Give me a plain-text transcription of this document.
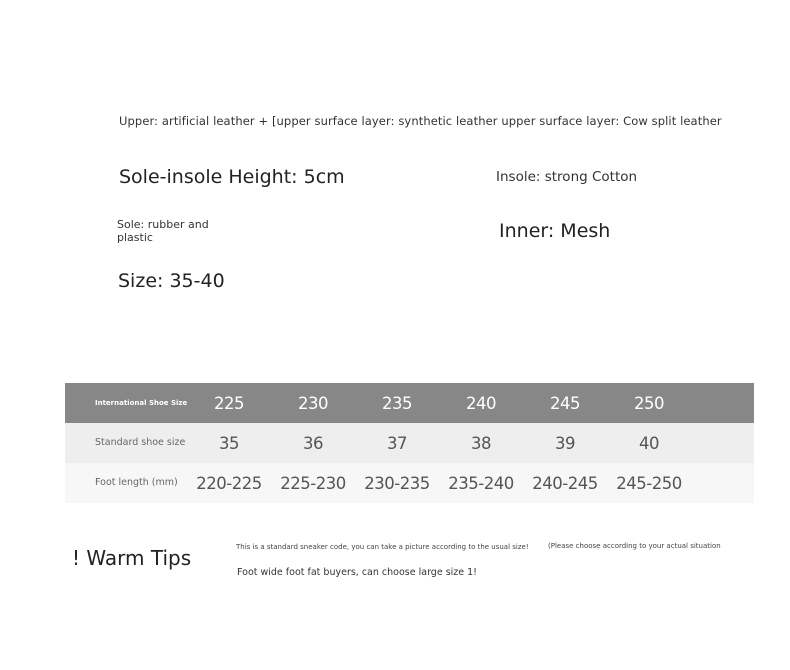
Upper: artificial leather + [upper surface layer: synthetic leather upper surface layer: Cow split leather
Sole-insole Height: 5cm	Insole: strong Cotton
Sole: rubber and plastic	Inner: Mesh
Size: 35-40
International Shoe Size	225	230	235	240	245	250	
Standard shoe size	35	36	37	38	39	40	
Foot length (mm)	220-225	225-230	230-235	235-240	240-245	245-250	
! Warm Tips	This is a standard sneaker code, you can take a picture according to the usual size!	(Please choose according to your actual situation
Foot wide foot fat buyers, can choose large size 1!
